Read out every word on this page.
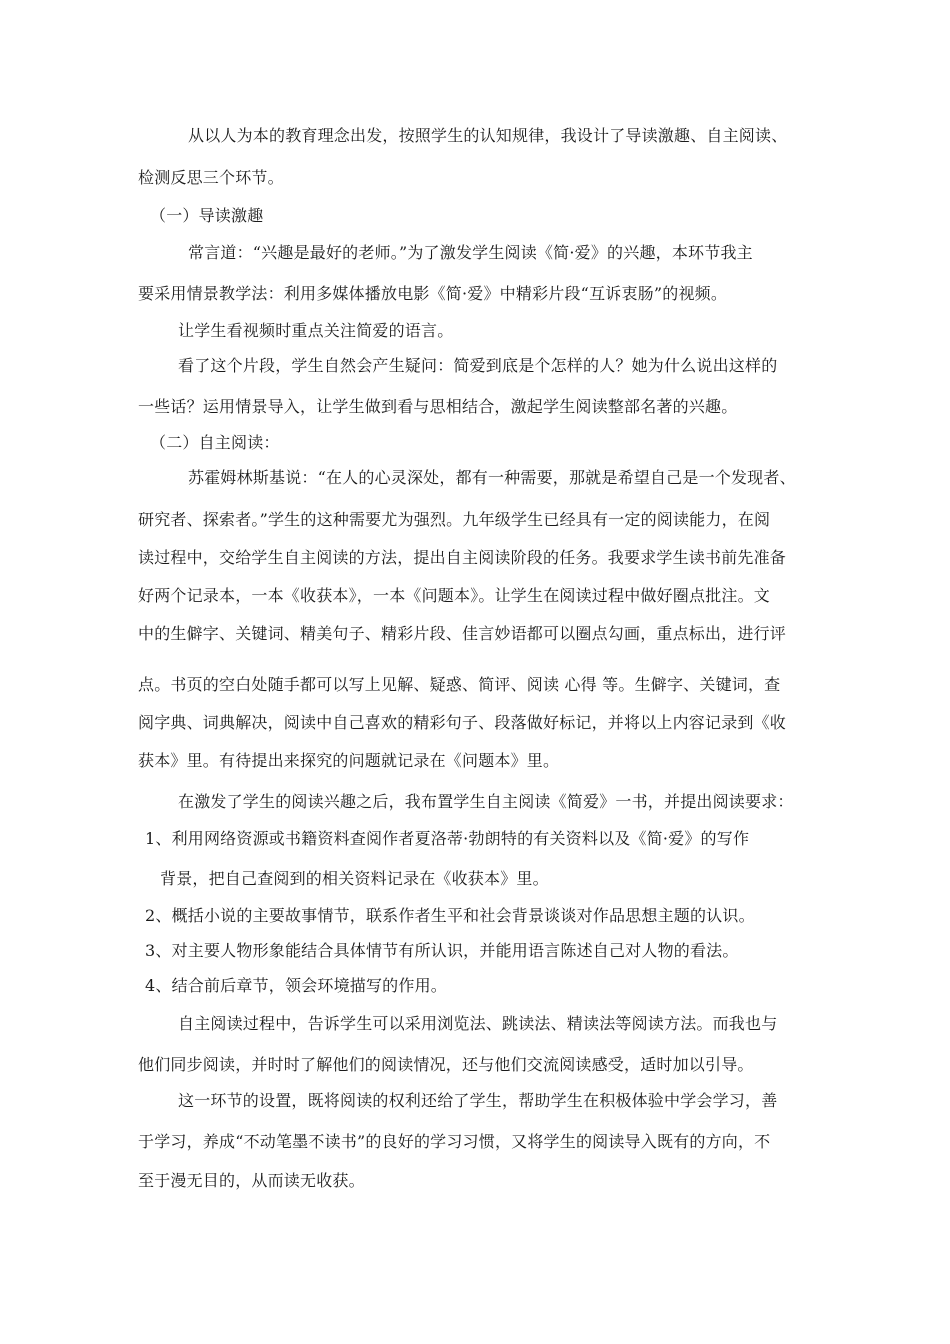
从以人为本的教育理念出发，按照学生的认知规律，我设计了导读激趣、自主阅读、
检测反思三个环节。
（一）导读激趣
常言道：“兴趣是最好的老师。”为了激发学生阅读《简·爱》的兴趣，本环节我主
要采用情景教学法：利用多媒体播放电影《简·爱》中精彩片段“互诉衷肠”的视频。
让学生看视频时重点关注简爱的语言。
看了这个片段，学生自然会产生疑问：简爱到底是个怎样的人？她为什么说出这样的
一些话？运用情景导入，让学生做到看与思相结合，激起学生阅读整部名著的兴趣。
（二）自主阅读：
苏霍姆林斯基说：“在人的心灵深处，都有一种需要，那就是希望自己是一个发现者、
研究者、探索者。”学生的这种需要尤为强烈。九年级学生已经具有一定的阅读能力，在阅
读过程中，交给学生自主阅读的方法，提出自主阅读阶段的任务。我要求学生读书前先准备
好两个记录本，一本《收获本》，一本《问题本》。让学生在阅读过程中做好圈点批注。文
中的生僻字、关键词、精美句子、精彩片段、佳言妙语都可以圈点勾画，重点标出，进行评
点。书页的空白处随手都可以写上见解、疑惑、简评、阅读 心得 等。生僻字、关键词，查
阅字典、词典解决，阅读中自己喜欢的精彩句子、段落做好标记，并将以上内容记录到《收
获本》里。有待提出来探究的问题就记录在《问题本》里。
在激发了学生的阅读兴趣之后，我布置学生自主阅读《简爱》一书，并提出阅读要求：
1、利用网络资源或书籍资料查阅作者夏洛蒂·勃朗特的有关资料以及《简·爱》的写作
背景，把自己查阅到的相关资料记录在《收获本》里。
2、概括小说的主要故事情节，联系作者生平和社会背景谈谈对作品思想主题的认识。
3、对主要人物形象能结合具体情节有所认识，并能用语言陈述自己对人物的看法。
4、结合前后章节，领会环境描写的作用。
自主阅读过程中，告诉学生可以采用浏览法、跳读法、精读法等阅读方法。而我也与
他们同步阅读，并时时了解他们的阅读情况，还与他们交流阅读感受，适时加以引导。
这一环节的设置，既将阅读的权利还给了学生，帮助学生在积极体验中学会学习，善
于学习，养成“不动笔墨不读书”的良好的学习习惯，又将学生的阅读导入既有的方向，不
至于漫无目的，从而读无收获。
